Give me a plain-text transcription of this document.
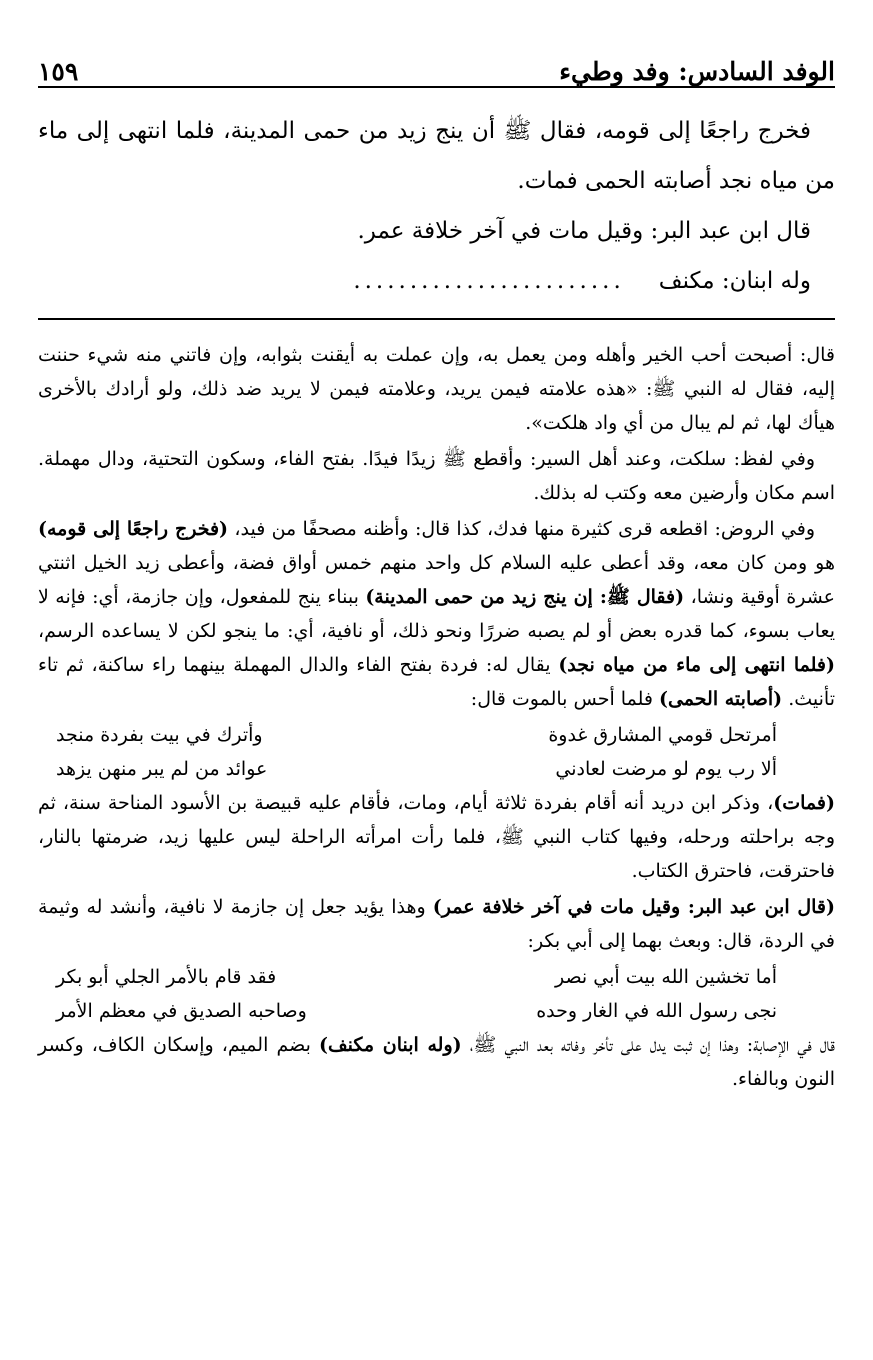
الوفد السادس: وفد وطيء
١٥٩

فخرج راجعًا إلى قومه، فقال ﷺ أن ينج زيد من حمى المدينة، فلما انتهى إلى ماء من مياه نجد أصابته الحمى فمات.

قال ابن عبد البر: وقيل مات في آخر خلافة عمر.

وله ابنان: مكنف
........................

قال: أصبحت أحب الخير وأهله ومن يعمل به، وإن عملت به أيقنت بثوابه، وإن فاتني منه شيء حننت إليه، فقال له النبي ﷺ: «هذه علامته فيمن يريد، وعلامته فيمن لا يريد ضد ذلك، ولو أرادك بالأخرى هيأك لها، ثم لم يبال من أي واد هلكت».

وفي لفظ: سلكت، وعند أهل السير: وأقطع ﷺ زيدًا فيدًا. بفتح الفاء، وسكون التحتية، ودال مهملة. اسم مكان وأرضين معه وكتب له بذلك.

وفي الروض: اقطعه قرى كثيرة منها فدك، كذا قال: وأظنه مصحفًا من فيد، (فخرج راجعًا إلى قومه) هو ومن كان معه، وقد أعطى عليه السلام كل واحد منهم خمس أواق فضة، وأعطى زيد الخيل اثنتي عشرة أوقية ونشا، (فقال ﷺ: إن ينج زيد من حمى المدينة) ببناء ينج للمفعول، وإن جازمة، أي: فإنه لا يعاب بسوء، كما قدره بعض أو لم يصبه ضررًا ونحو ذلك، أو نافية، أي: ما ينجو لكن لا يساعده الرسم، (فلما انتهى إلى ماء من مياه نجد) يقال له: فردة بفتح الفاء والدال المهملة بينهما راء ساكنة، ثم تاء تأنيث. (أصابته الحمى) فلما أحس بالموت قال:

أمرتحل قومي المشارق غدوة
وأترك في بيت بفردة منجد
ألا رب يوم لو مرضت لعادني
عوائد من لم يبر منهن يزهد

(فمات)، وذكر ابن دريد أنه أقام بفردة ثلاثة أيام، ومات، فأقام عليه قبيصة بن الأسود المناحة سنة، ثم وجه براحلته ورحله، وفيها كتاب النبي ﷺ، فلما رأت امرأته الراحلة ليس عليها زيد، ضرمتها بالنار، فاحترقت، فاحترق الكتاب.

(قال ابن عبد البر: وقيل مات في آخر خلافة عمر) وهذا يؤيد جعل إن جازمة لا نافية، وأنشد له وثيمة في الردة، قال: وبعث بهما إلى أبي بكر:

أما تخشين الله بيت أبي نصر
فقد قام بالأمر الجلي أبو بكر
نجى رسول الله في الغار وحده
وصاحبه الصديق في معظم الأمر

قال في الإصابة: وهذا إن ثبت يدل على تأخر وفاته بعد النبي ﷺ، (وله ابنان مكنف) بضم الميم، وإسكان الكاف، وكسر النون وبالفاء.
